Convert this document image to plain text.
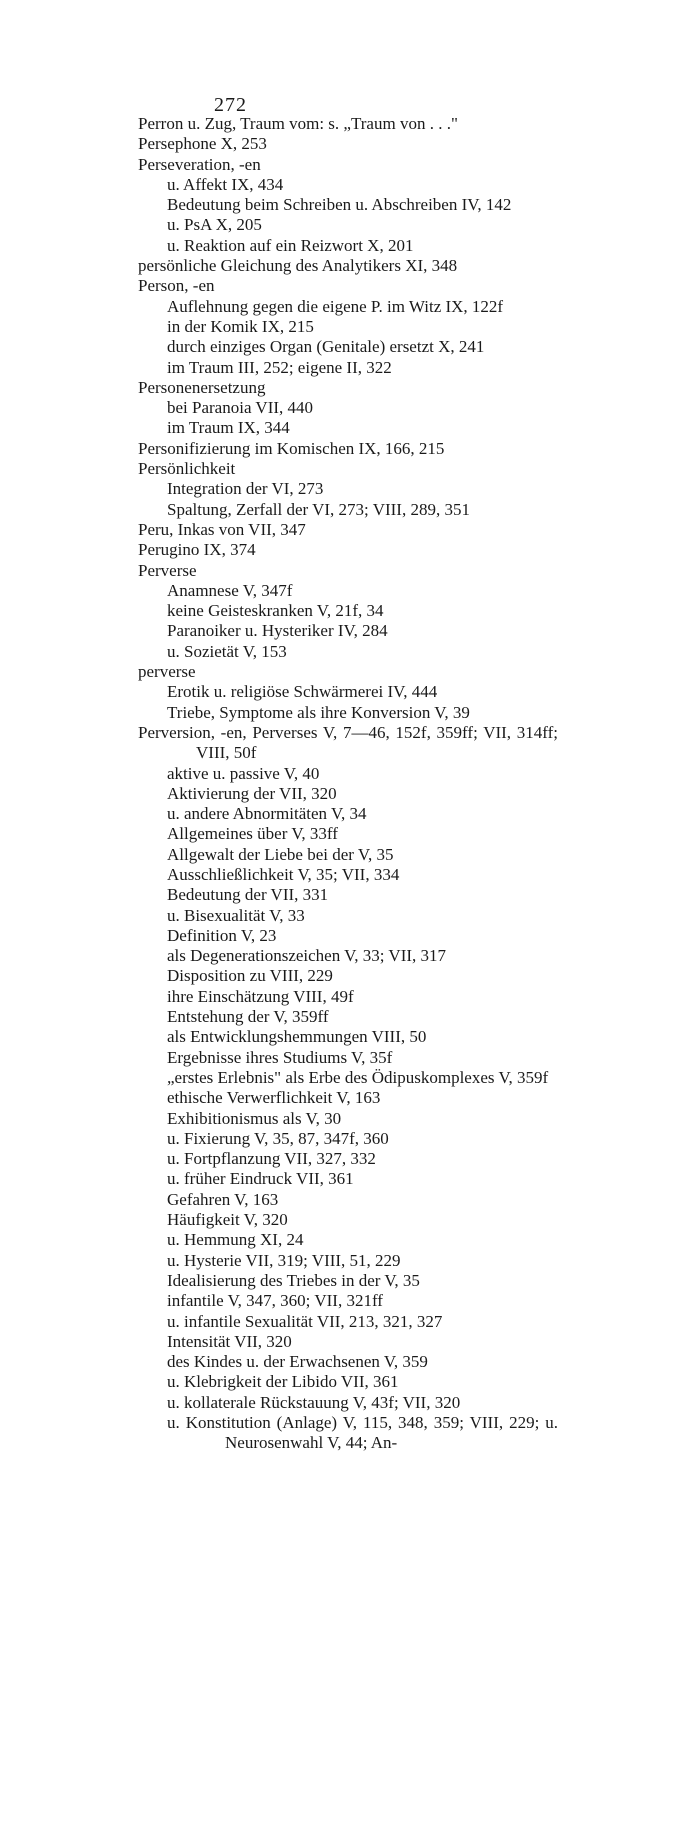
272

Perron u. Zug, Traum vom: s. „Traum von . . ."
Persephone X, 253
Perseveration, -en
u. Affekt IX, 434
Bedeutung beim Schreiben u. Abschreiben IV, 142
u. PsA X, 205
u. Reaktion auf ein Reizwort X, 201
persönliche Gleichung des Analytikers XI, 348
Person, -en
Auflehnung gegen die eigene P. im Witz IX, 122f
in der Komik IX, 215
durch einziges Organ (Genitale) ersetzt X, 241
im Traum III, 252; eigene II, 322
Personenersetzung
bei Paranoia VII, 440
im Traum IX, 344
Personifizierung im Komischen IX, 166, 215
Persönlichkeit
Integration der VI, 273
Spaltung, Zerfall der VI, 273; VIII, 289, 351
Peru, Inkas von VII, 347
Perugino IX, 374
Perverse
Anamnese V, 347f
keine Geisteskranken V, 21f, 34
Paranoiker u. Hysteriker IV, 284
u. Sozietät V, 153
perverse
Erotik u. religiöse Schwärmerei IV, 444
Triebe, Symptome als ihre Konversion V, 39
Perversion, -en, Perverses V, 7—46, 152f, 359ff; VII, 314ff; VIII, 50f
aktive u. passive V, 40
Aktivierung der VII, 320
u. andere Abnormitäten V, 34
Allgemeines über V, 33ff
Allgewalt der Liebe bei der V, 35
Ausschließlichkeit V, 35; VII, 334
Bedeutung der VII, 331
u. Bisexualität V, 33
Definition V, 23
als Degenerationszeichen V, 33; VII, 317
Disposition zu VIII, 229
ihre Einschätzung VIII, 49f
Entstehung der V, 359ff
als Entwicklungshemmungen VIII, 50
Ergebnisse ihres Studiums V, 35f
„erstes Erlebnis" als Erbe des Ödipuskomplexes V, 359f
ethische Verwerflichkeit V, 163
Exhibitionismus als V, 30
u. Fixierung V, 35, 87, 347f, 360
u. Fortpflanzung VII, 327, 332
u. früher Eindruck VII, 361
Gefahren V, 163
Häufigkeit V, 320
u. Hemmung XI, 24
u. Hysterie VII, 319; VIII, 51, 229
Idealisierung des Triebes in der V, 35
infantile V, 347, 360; VII, 321ff
u. infantile Sexualität VII, 213, 321, 327
Intensität VII, 320
des Kindes u. der Erwachsenen V, 359
u. Klebrigkeit der Libido VII, 361
u. kollaterale Rückstauung V, 43f; VII, 320
u. Konstitution (Anlage) V, 115, 348, 359; VIII, 229; u. Neurosenwahl V, 44; An-
